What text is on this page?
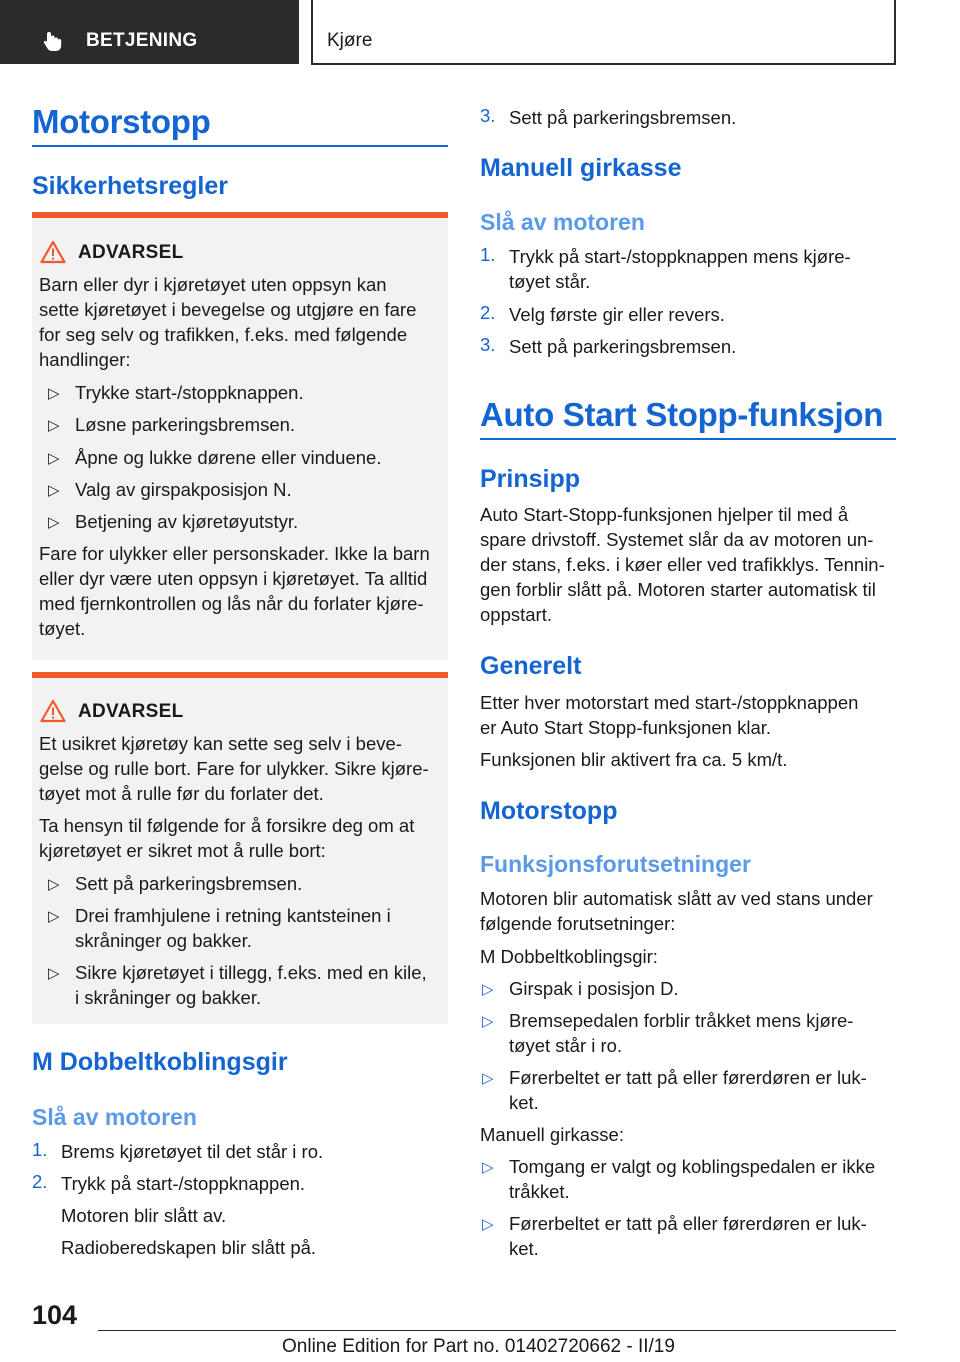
BETJENING	Kjøre
Motorstopp
Sikkerhetsregler
ADVARSEL
Barn eller dyr i kjøretøyet uten oppsyn kan
sette kjøretøyet i bevegelse og utgjøre en fare
for seg selv og trafikken, f.eks. med følgende
handlinger:
▷ Trykke start-/stoppknappen.
▷ Løsne parkeringsbremsen.
▷ Åpne og lukke dørene eller vinduene.
▷ Valg av girspakposisjon N.
▷ Betjening av kjøretøyutstyr.
Fare for ulykker eller personskader. Ikke la barn
eller dyr være uten oppsyn i kjøretøyet. Ta alltid
med fjernkontrollen og lås når du forlater kjøre-
tøyet.
ADVARSEL
Et usikret kjøretøy kan sette seg selv i beve-
gelse og rulle bort. Fare for ulykker. Sikre kjøre-
tøyet mot å rulle før du forlater det.
Ta hensyn til følgende for å forsikre deg om at
kjøretøyet er sikret mot å rulle bort:
▷ Sett på parkeringsbremsen.
▷ Drei framhjulene i retning kantsteinen i
skråninger og bakker.
▷ Sikre kjøretøyet i tillegg, f.eks. med en kile,
i skråninger og bakker.
M Dobbeltkoblingsgir
Slå av motoren
1. Brems kjøretøyet til det står i ro.
2. Trykk på start-/stoppknappen.
Motoren blir slått av.
Radioberedskapen blir slått på.
3. Sett på parkeringsbremsen.
Manuell girkasse
Slå av motoren
1. Trykk på start-/stoppknappen mens kjøre-
tøyet står.
2. Velg første gir eller revers.
3. Sett på parkeringsbremsen.
Auto Start Stopp-funksjon
Prinsipp
Auto Start-Stopp-funksjonen hjelper til med å
spare drivstoff. Systemet slår da av motoren un-
der stans, f.eks. i køer eller ved trafikklys. Tennin-
gen forblir slått på. Motoren starter automatisk til
oppstart.
Generelt
Etter hver motorstart med start-/stoppknappen
er Auto Start Stopp-funksjonen klar.
Funksjonen blir aktivert fra ca. 5 km/t.
Motorstopp
Funksjonsforutsetninger
Motoren blir automatisk slått av ved stans under
følgende forutsetninger:
M Dobbeltkoblingsgir:
▷ Girspak i posisjon D.
▷ Bremsepedalen forblir tråkket mens kjøre-
tøyet står i ro.
▷ Førerbeltet er tatt på eller førerdøren er luk-
ket.
Manuell girkasse:
▷ Tomgang er valgt og koblingspedalen er ikke
tråkket.
▷ Førerbeltet er tatt på eller førerdøren er luk-
ket.
104
Online Edition for Part no. 01402720662 - II/19
